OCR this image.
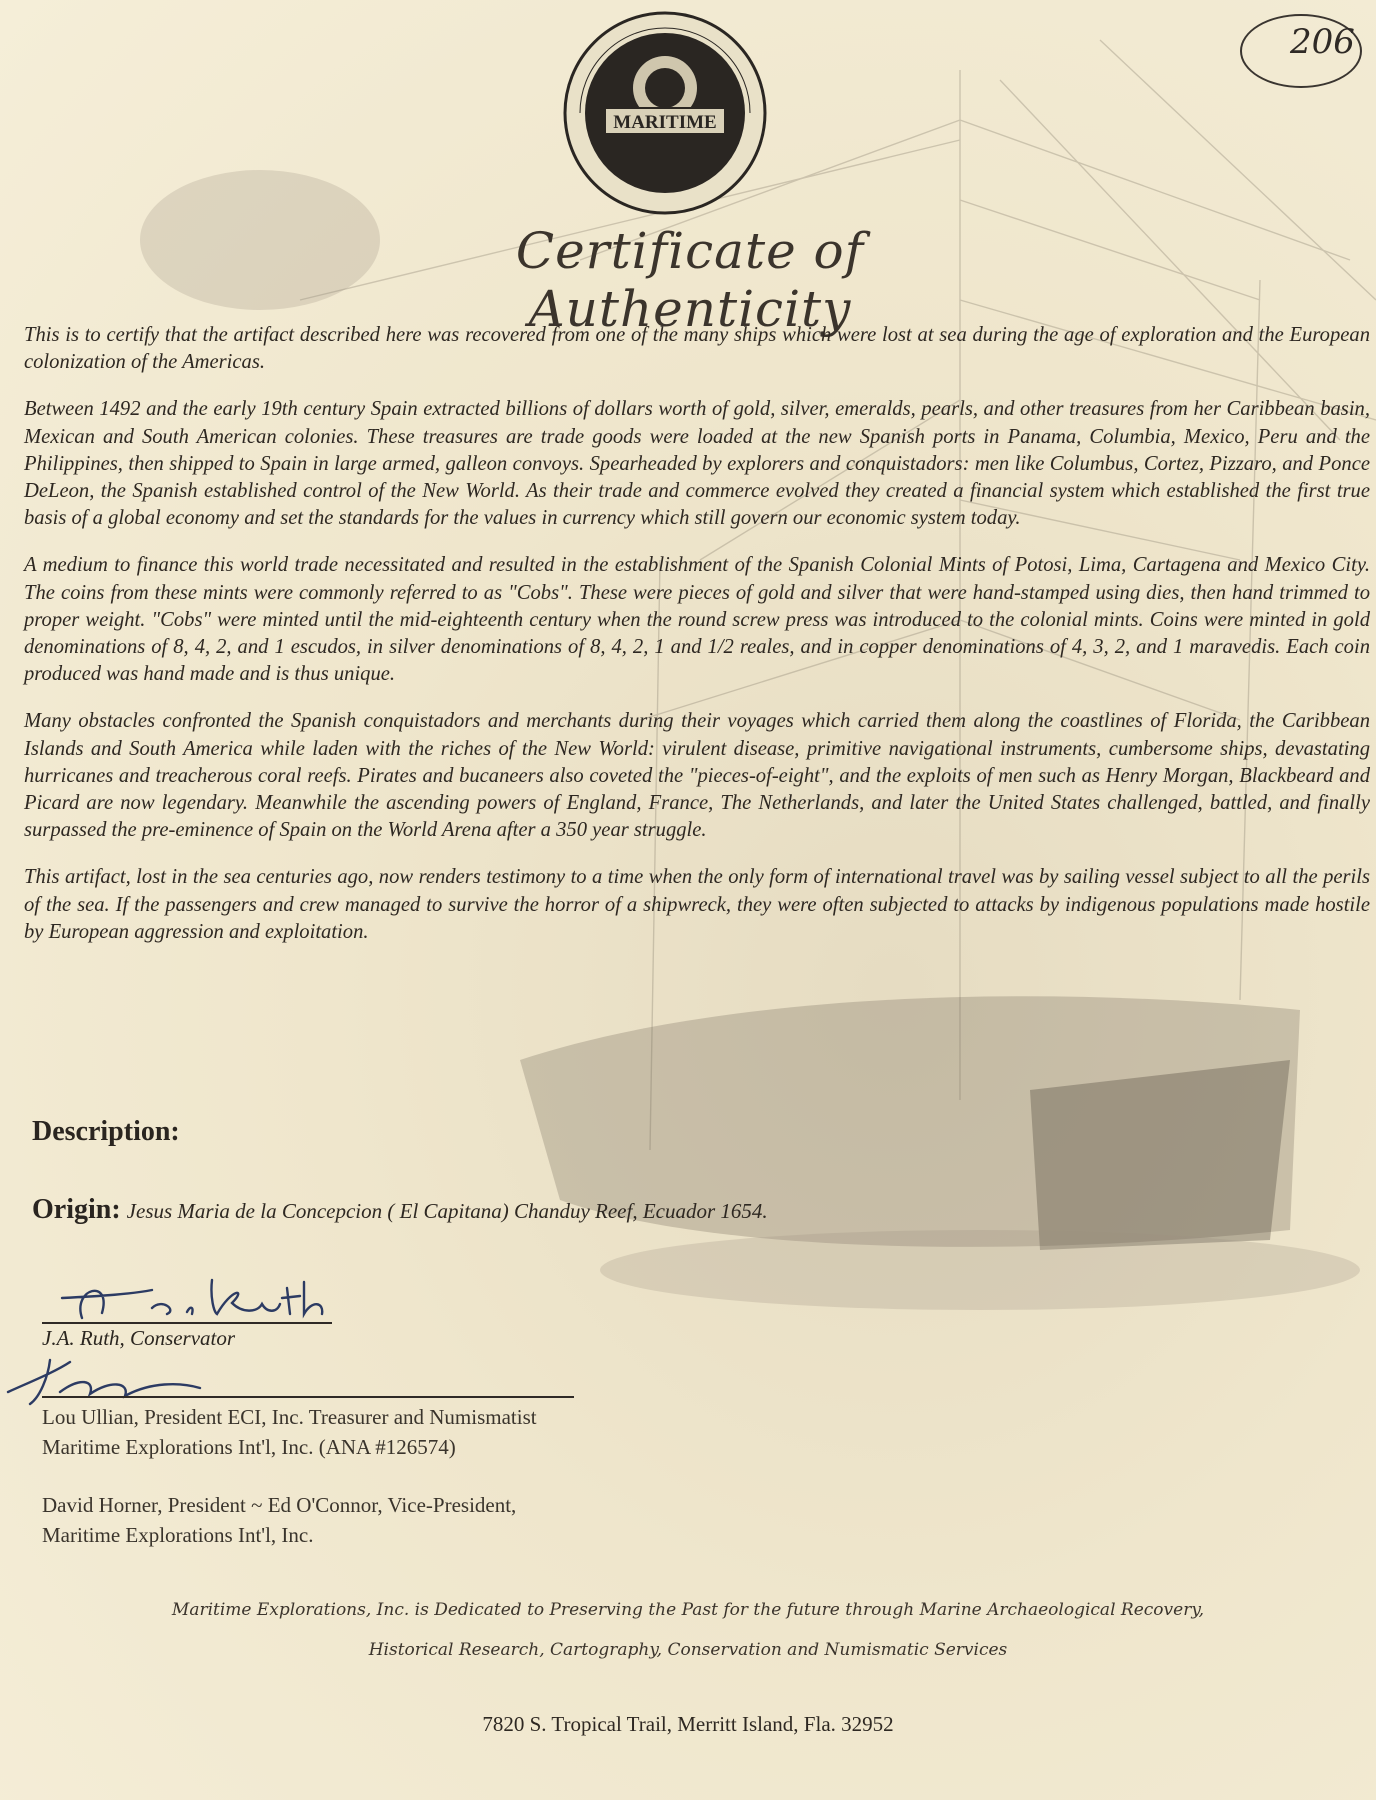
MARITIME
206
Certificate of Authenticity

This is to certify that the artifact described here was recovered from one of the many ships which were lost at sea during the age of exploration and the European colonization of the Americas.

Between 1492 and the early 19th century Spain extracted billions of dollars worth of gold, silver, emeralds, pearls, and other treasures from her Caribbean basin, Mexican and South American colonies. These treasures are trade goods were loaded at the new Spanish ports in Panama, Columbia, Mexico, Peru and the Philippines, then shipped to Spain in large armed, galleon convoys. Spearheaded by explorers and conquistadors: men like Columbus, Cortez, Pizzaro, and Ponce DeLeon, the Spanish established control of the New World. As their trade and commerce evolved they created a financial system which established the first true basis of a global economy and set the standards for the values in currency which still govern our economic system today.

A medium to finance this world trade necessitated and resulted in the establishment of the Spanish Colonial Mints of Potosi, Lima, Cartagena and Mexico City. The coins from these mints were commonly referred to as "Cobs". These were pieces of gold and silver that were hand-stamped using dies, then hand trimmed to proper weight. "Cobs" were minted until the mid-eighteenth century when the round screw press was introduced to the colonial mints. Coins were minted in gold denominations of 8, 4, 2, and 1 escudos, in silver denominations of 8, 4, 2, 1 and 1/2 reales, and in copper denominations of 4, 3, 2, and 1 maravedis. Each coin produced was hand made and is thus unique.

Many obstacles confronted the Spanish conquistadors and merchants during their voyages which carried them along the coastlines of Florida, the Caribbean Islands and South America while laden with the riches of the New World: virulent disease, primitive navigational instruments, cumbersome ships, devastating hurricanes and treacherous coral reefs. Pirates and bucaneers also coveted the "pieces-of-eight", and the exploits of men such as Henry Morgan, Blackbeard and Picard are now legendary. Meanwhile the ascending powers of England, France, The Netherlands, and later the United States challenged, battled, and finally surpassed the pre-eminence of Spain on the World Arena after a 350 year struggle.

This artifact, lost in the sea centuries ago, now renders testimony to a time when the only form of international travel was by sailing vessel subject to all the perils of the sea. If the passengers and crew managed to survive the horror of a shipwreck, they were often subjected to attacks by indigenous populations made hostile by European aggression and exploitation.

Description:
Origin: Jesus Maria de la Concepcion ( El Capitana) Chanduy Reef, Ecuador 1654.
J.A. Ruth, Conservator
Lou Ullian, President ECI, Inc. Treasurer and Numismatist
Maritime Explorations Int'l, Inc. (ANA #126574)
David Horner, President ~ Ed O'Connor, Vice-President,
Maritime Explorations Int'l, Inc.
Maritime Explorations, Inc. is Dedicated to Preserving the Past for the future through Marine Archaeological Recovery,
Historical Research, Cartography, Conservation and Numismatic Services
7820 S. Tropical Trail, Merritt Island, Fla. 32952
